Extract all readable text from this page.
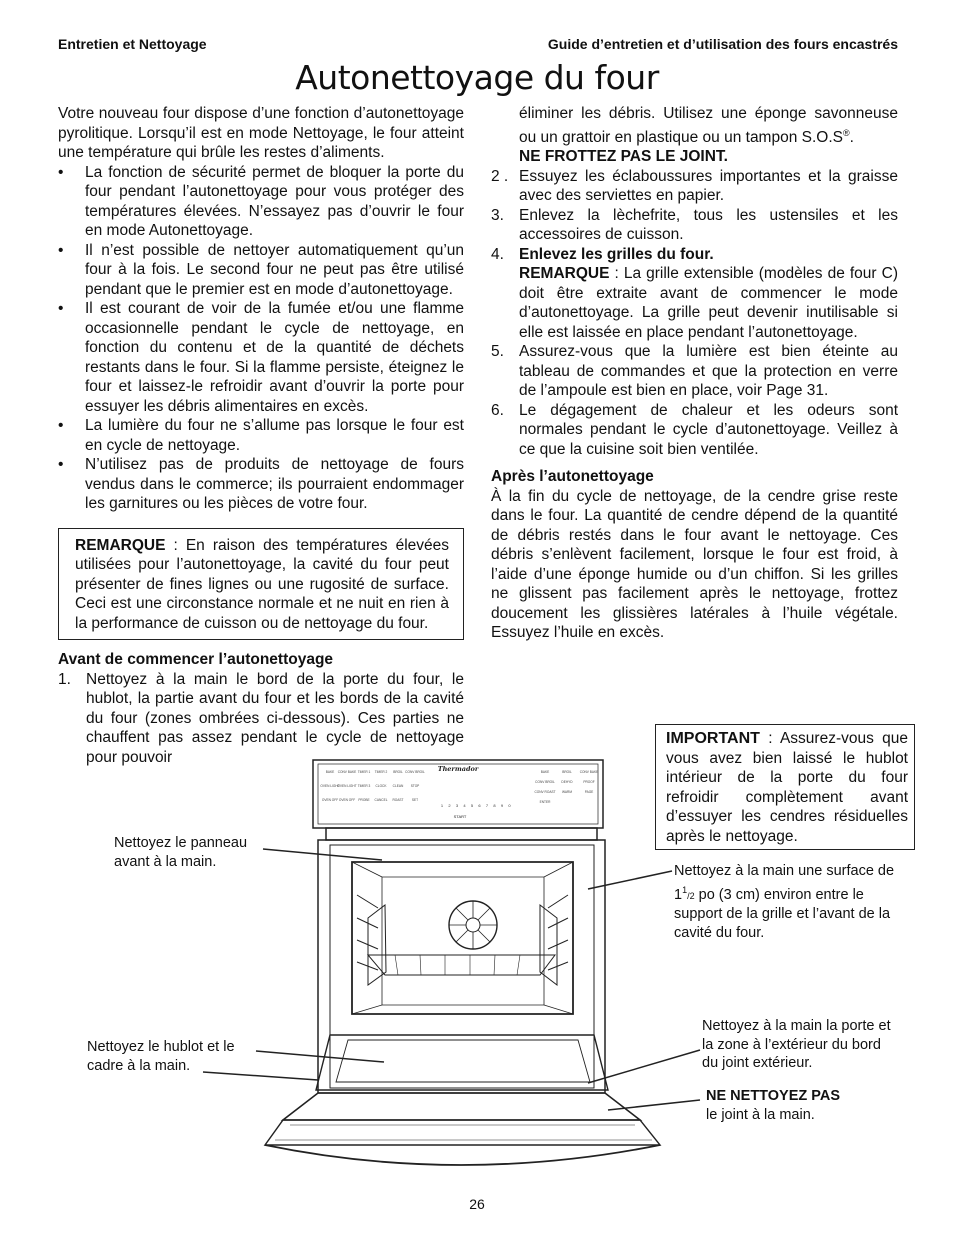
Entretien et Nettoyage	Guide d’entretien et d’utilisation des fours encastrés
Autonettoyage du four

Votre nouveau four dispose d’une fonction d’autonettoyage pyrolitique. Lorsqu’il est en mode Nettoyage, le four atteint une température qui brûle les restes d’aliments.

• La fonction de sécurité permet de bloquer la porte du four pendant l’autonettoyage pour vous protéger des températures élevées. N’essayez pas d’ouvrir le four en mode Autonettoyage.
• Il n’est possible de nettoyer automatiquement qu’un four à la fois. Le second four ne peut pas être utilisé pendant que le premier est en mode d’autonettoyage.
• Il est courant de voir de la fumée et/ou une flamme occasionnelle pendant le cycle de nettoyage, en fonction du contenu et de la quantité de déchets restants dans le four. Si la flamme persiste, éteignez le four et laissez-le refroidir avant d’ouvrir la porte pour essuyer les débris alimentaires en excès.
• La lumière du four ne s’allume pas lorsque le four est en cycle de nettoyage.
• N’utilisez pas de produits de nettoyage de fours vendus dans le commerce; ils pourraient endommager les garnitures ou les pièces de votre four.

REMARQUE : En raison des températures élevées utilisées pour l’autonettoyage, la cavité du four peut présenter de fines lignes ou une rugosité de surface. Ceci est une circonstance normale et ne nuit en rien à la performance de cuisson ou de nettoyage du four.

Avant de commencer l’autonettoyage
1. Nettoyez à la main le bord de la porte du four, le hublot, la partie avant du four et les bords de la cavité du four (zones ombrées ci-dessous). Ces parties ne chauffent pas assez pendant le cycle de nettoyage pour pouvoir
éliminer les débris. Utilisez une éponge savonneuse ou un grattoir en plastique ou un tampon S.O.S®.
NE FROTTEZ PAS LE JOINT.
2 . Essuyez les éclaboussures importantes et la graisse avec des serviettes en papier.
3. Enlevez la lèchefrite, tous les ustensiles et les accessoires de cuisson.
4. Enlevez les grilles du four.
REMARQUE : La grille extensible (modèles de four C) doit être extraite avant de commencer le mode d’autonettoyage. La grille peut devenir inutilisable si elle est laissée en place pendant l’autonettoyage.
5. Assurez-vous que la lumière est bien éteinte au tableau de commandes et que la protection en verre de l’ampoule est bien en place, voir Page 31.
6. Le dégagement de chaleur et les odeurs sont normales pendant le cycle d’autonettoyage. Veillez à ce que la cuisine soit bien ventilée.
Après l’autonettoyage

À la fin du cycle de nettoyage, de la cendre grise reste dans le four. La quantité de cendre dépend de la quantité de débris restés dans le four avant le nettoyage. Ces débris s’enlèvent facilement, lorsque le four est froid, à l’aide d’une éponge humide ou d’un chiffon. Si les grilles ne glissent pas facilement après le nettoyage, frottez doucement les glissières latérales à l’huile végétale. Essuyez l’huile en excès.

IMPORTANT : Assurez-vous que vous avez bien laissé le hublot intérieur de la porte du four refroidir complètement avant d’essuyer les cendres résiduelles après le nettoyage.
Thermador
START
BAKE CONV BAKE TIMER 1 TIMER 2 BROIL CONV BROIL
OVEN LIGHT
OVEN LIGHT TIMER 3 CLOCK CLEAN STOP
OVEN OFF OVEN OFF PROBE CANCEL ROAST	SET
BAKE	BROIL CONV BAKE
CONV BROIL DEHYD	PROOF
CONV ROAST WARM	PAGE
ENTER
1 2 3 4 5 6 7 8 9 0
Nettoyez le panneau avant à la main.
Nettoyez à la main une surface de $1^1/2$ po (3 cm) environ entre le support de la grille et l’avant de la cavité du four.
Nettoyez le hublot et le cadre à la main.
Nettoyez à la main la porte et la zone à l’extérieur du bord du joint extérieur.
NE NETTOYEZ PAS
le joint à la main.
26
